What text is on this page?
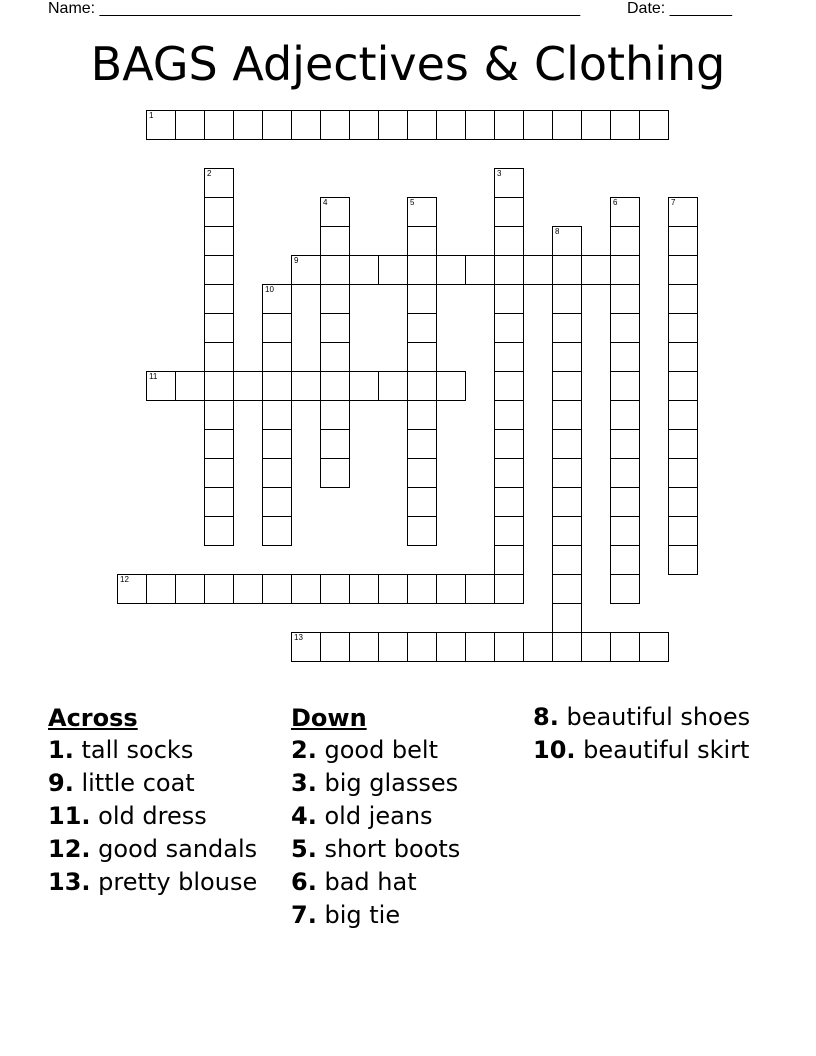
Name: ______________________________________________________	Date: _______
BAGS Adjectives & Clothing
1
2	3
4	5	6	7
8
9
10
11
12
13
Across
1. tall socks
9. little coat
11. old dress
12. good sandals
13. pretty blouse
Down
2. good belt
3. big glasses
4. old jeans
5. short boots
6. bad hat
7. big tie
8. beautiful shoes
10. beautiful skirt
